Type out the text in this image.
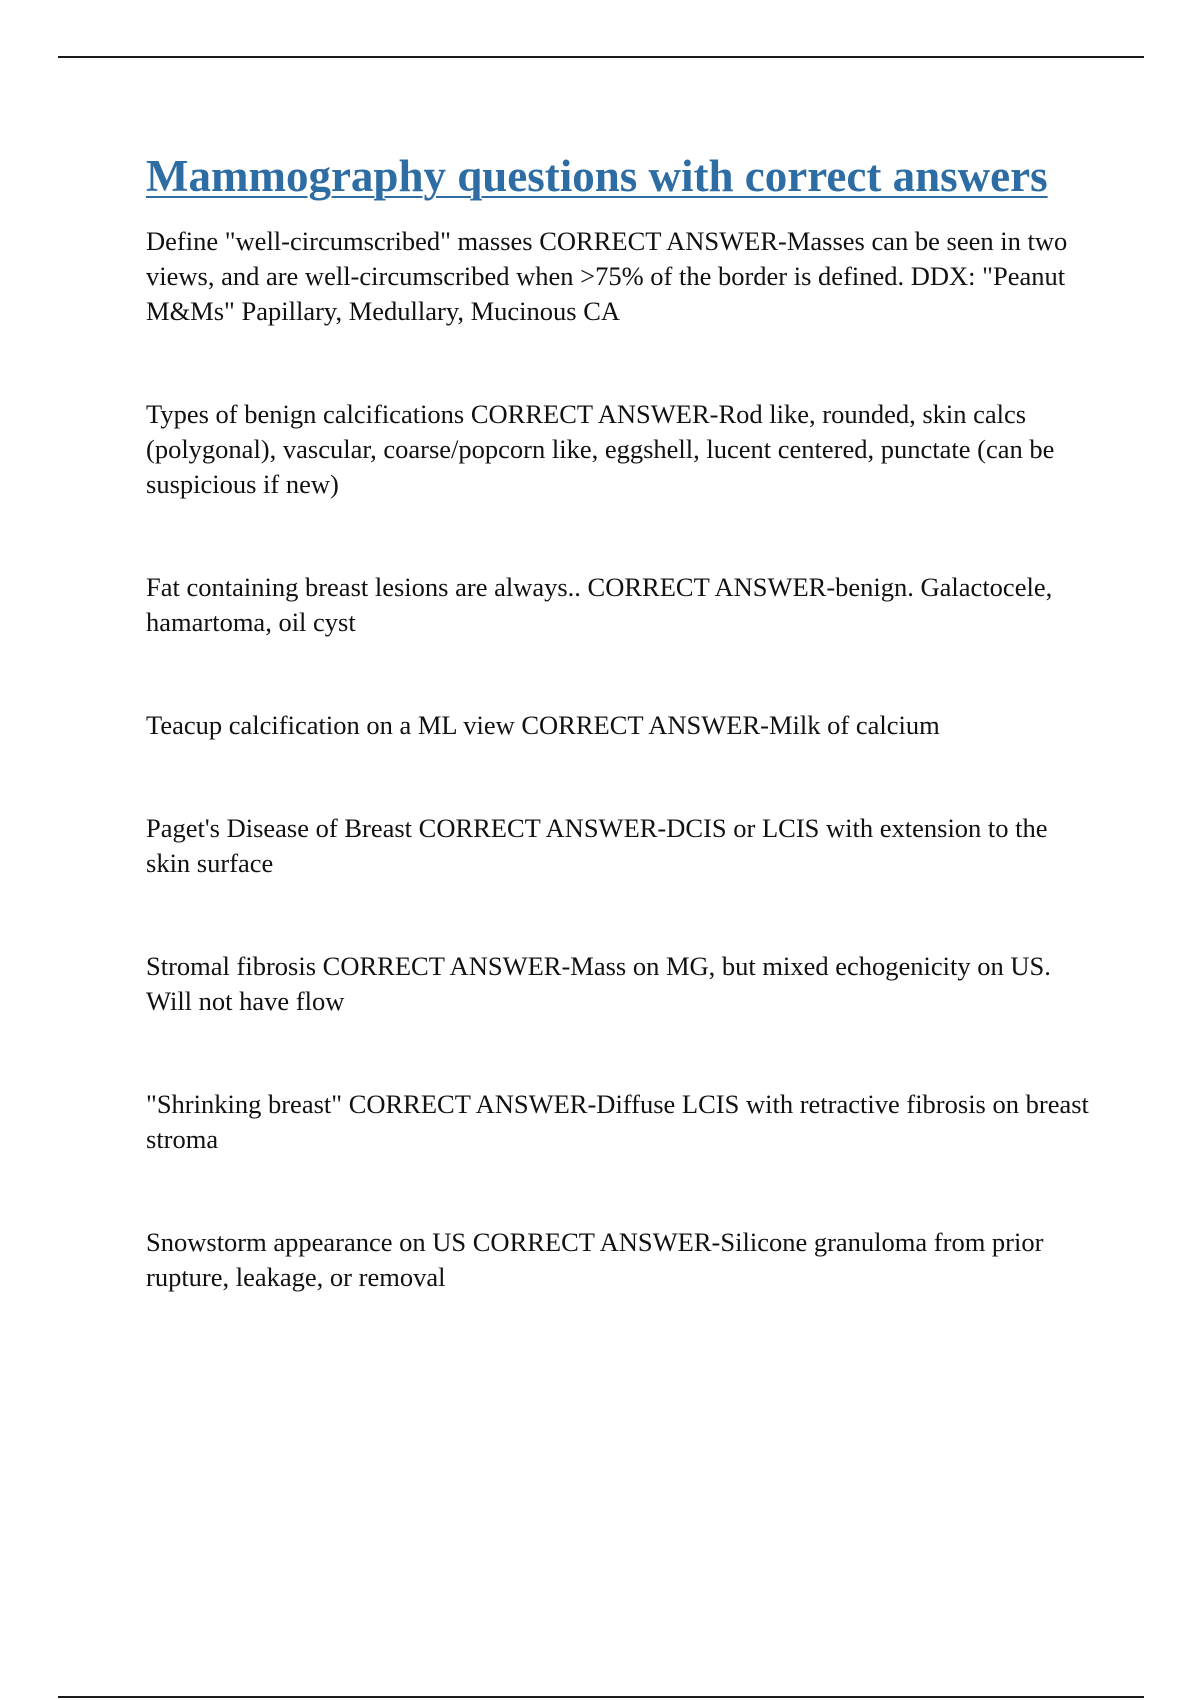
Mammography questions with correct answers

Define "well-circumscribed" masses CORRECT ANSWER-Masses can be seen in two views, and are well-circumscribed when >75% of the border is defined. DDX: "Peanut M&Ms" Papillary, Medullary, Mucinous CA

Types of benign calcifications CORRECT ANSWER-Rod like, rounded, skin calcs (polygonal), vascular, coarse/popcorn like, eggshell, lucent centered, punctate (can be suspicious if new)

Fat containing breast lesions are always.. CORRECT ANSWER-benign. Galactocele, hamartoma, oil cyst

Teacup calcification on a ML view CORRECT ANSWER-Milk of calcium

Paget's Disease of Breast CORRECT ANSWER-DCIS or LCIS with extension to the skin surface

Stromal fibrosis CORRECT ANSWER-Mass on MG, but mixed echogenicity on US. Will not have flow

"Shrinking breast" CORRECT ANSWER-Diffuse LCIS with retractive fibrosis on breast stroma

Snowstorm appearance on US CORRECT ANSWER-Silicone granuloma from prior rupture, leakage, or removal
